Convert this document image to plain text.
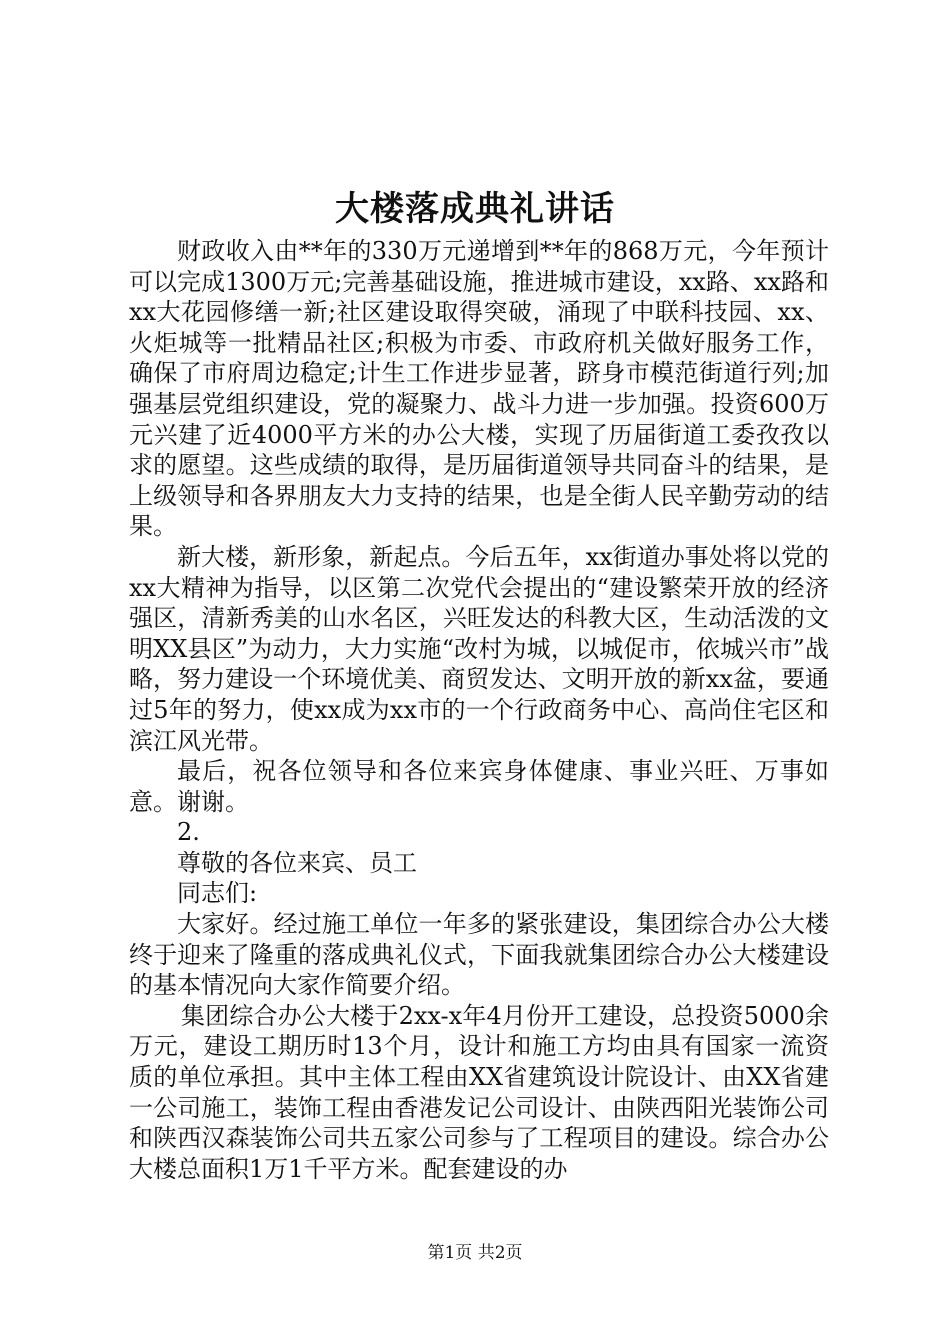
大楼落成典礼讲话

财政收入由**年的330万元递增到**年的868万元，今年预计可以完成1300万元;完善基础设施，推进城市建设，xx路、xx路和xx大花园修缮一新;社区建设取得突破，涌现了中联科技园、xx、火炬城等一批精品社区;积极为市委、市政府机关做好服务工作，确保了市府周边稳定;计生工作进步显著，跻身市模范街道行列;加强基层党组织建设，党的凝聚力、战斗力进一步加强。投资600万元兴建了近4000平方米的办公大楼，实现了历届街道工委孜孜以求的愿望。这些成绩的取得，是历届街道领导共同奋斗的结果，是上级领导和各界朋友大力支持的结果，也是全街人民辛勤劳动的结果。

新大楼，新形象，新起点。今后五年，xx街道办事处将以党的xx大精神为指导，以区第二次党代会提出的“建设繁荣开放的经济强区，清新秀美的山水名区，兴旺发达的科教大区，生动活泼的文明XX县区”为动力，大力实施“改村为城，以城促市，依城兴市”战略，努力建设一个环境优美、商贸发达、文明开放的新xx盆，要通过5年的努力，使xx成为xx市的一个行政商务中心、高尚住宅区和滨江风光带。

最后，祝各位领导和各位来宾身体健康、事业兴旺、万事如意。谢谢。

2.

尊敬的各位来宾、员工

同志们:

大家好。经过施工单位一年多的紧张建设，集团综合办公大楼终于迎来了隆重的落成典礼仪式，下面我就集团综合办公大楼建设的基本情况向大家作简要介绍。

集团综合办公大楼于2xx-x年4月份开工建设，总投资5000余万元，建设工期历时13个月，设计和施工方均由具有国家一流资质的单位承担。其中主体工程由XX省建筑设计院设计、由XX省建一公司施工，装饰工程由香港发记公司设计、由陕西阳光装饰公司和陕西汉森装饰公司共五家公司参与了工程项目的建设。综合办公大楼总面积1万1千平方米。配套建设的办

第1页 共2页
